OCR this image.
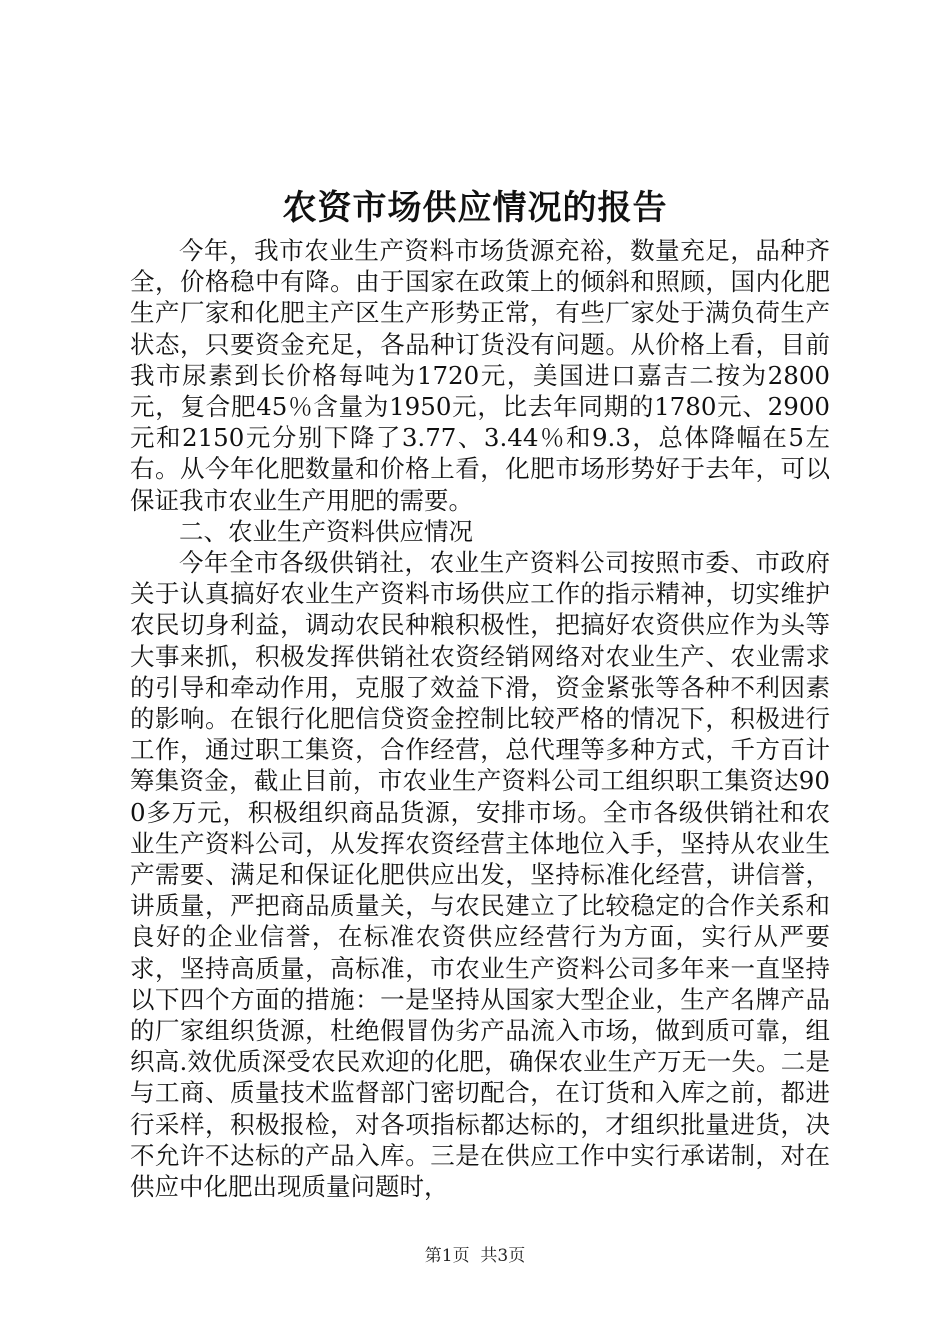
农资市场供应情况的报告

今年，我市农业生产资料市场货源充裕，数量充足，品种齐全，价格稳中有降。由于国家在政策上的倾斜和照顾，国内化肥生产厂家和化肥主产区生产形势正常，有些厂家处于满负荷生产状态，只要资金充足，各品种订货没有问题。从价格上看，目前我市尿素到长价格每吨为1720元，美国进口嘉吉二按为2800元，复合肥45％含量为1950元，比去年同期的1780元、2900元和2150元分别下降了3.77、3.44％和9.3，总体降幅在5左右。从今年化肥数量和价格上看，化肥市场形势好于去年，可以保证我市农业生产用肥的需要。

二、农业生产资料供应情况

今年全市各级供销社，农业生产资料公司按照市委、市政府关于认真搞好农业生产资料市场供应工作的指示精神，切实维护农民切身利益，调动农民种粮积极性，把搞好农资供应作为头等大事来抓，积极发挥供销社农资经销网络对农业生产、农业需求的引导和牵动作用，克服了效益下滑，资金紧张等各种不利因素的影响。在银行化肥信贷资金控制比较严格的情况下，积极进行工作，通过职工集资，合作经营，总代理等多种方式，千方百计筹集资金，截止目前，市农业生产资料公司工组织职工集资达900多万元，积极组织商品货源，安排市场。全市各级供销社和农业生产资料公司，从发挥农资经营主体地位入手，坚持从农业生产需要、满足和保证化肥供应出发，坚持标准化经营，讲信誉，讲质量，严把商品质量关，与农民建立了比较稳定的合作关系和良好的企业信誉，在标准农资供应经营行为方面，实行从严要求，坚持高质量，高标准，市农业生产资料公司多年来一直坚持以下四个方面的措施：一是坚持从国家大型企业，生产名牌产品的厂家组织货源，杜绝假冒伪劣产品流入市场，做到质可靠，组织高.效优质深受农民欢迎的化肥，确保农业生产万无一失。二是与工商、质量技术监督部门密切配合，在订货和入库之前，都进行采样，积极报检，对各项指标都达标的，才组织批量进货，决不允许不达标的产品入库。三是在供应工作中实行承诺制，对在供应中化肥出现质量问题时，

第1页  共3页
